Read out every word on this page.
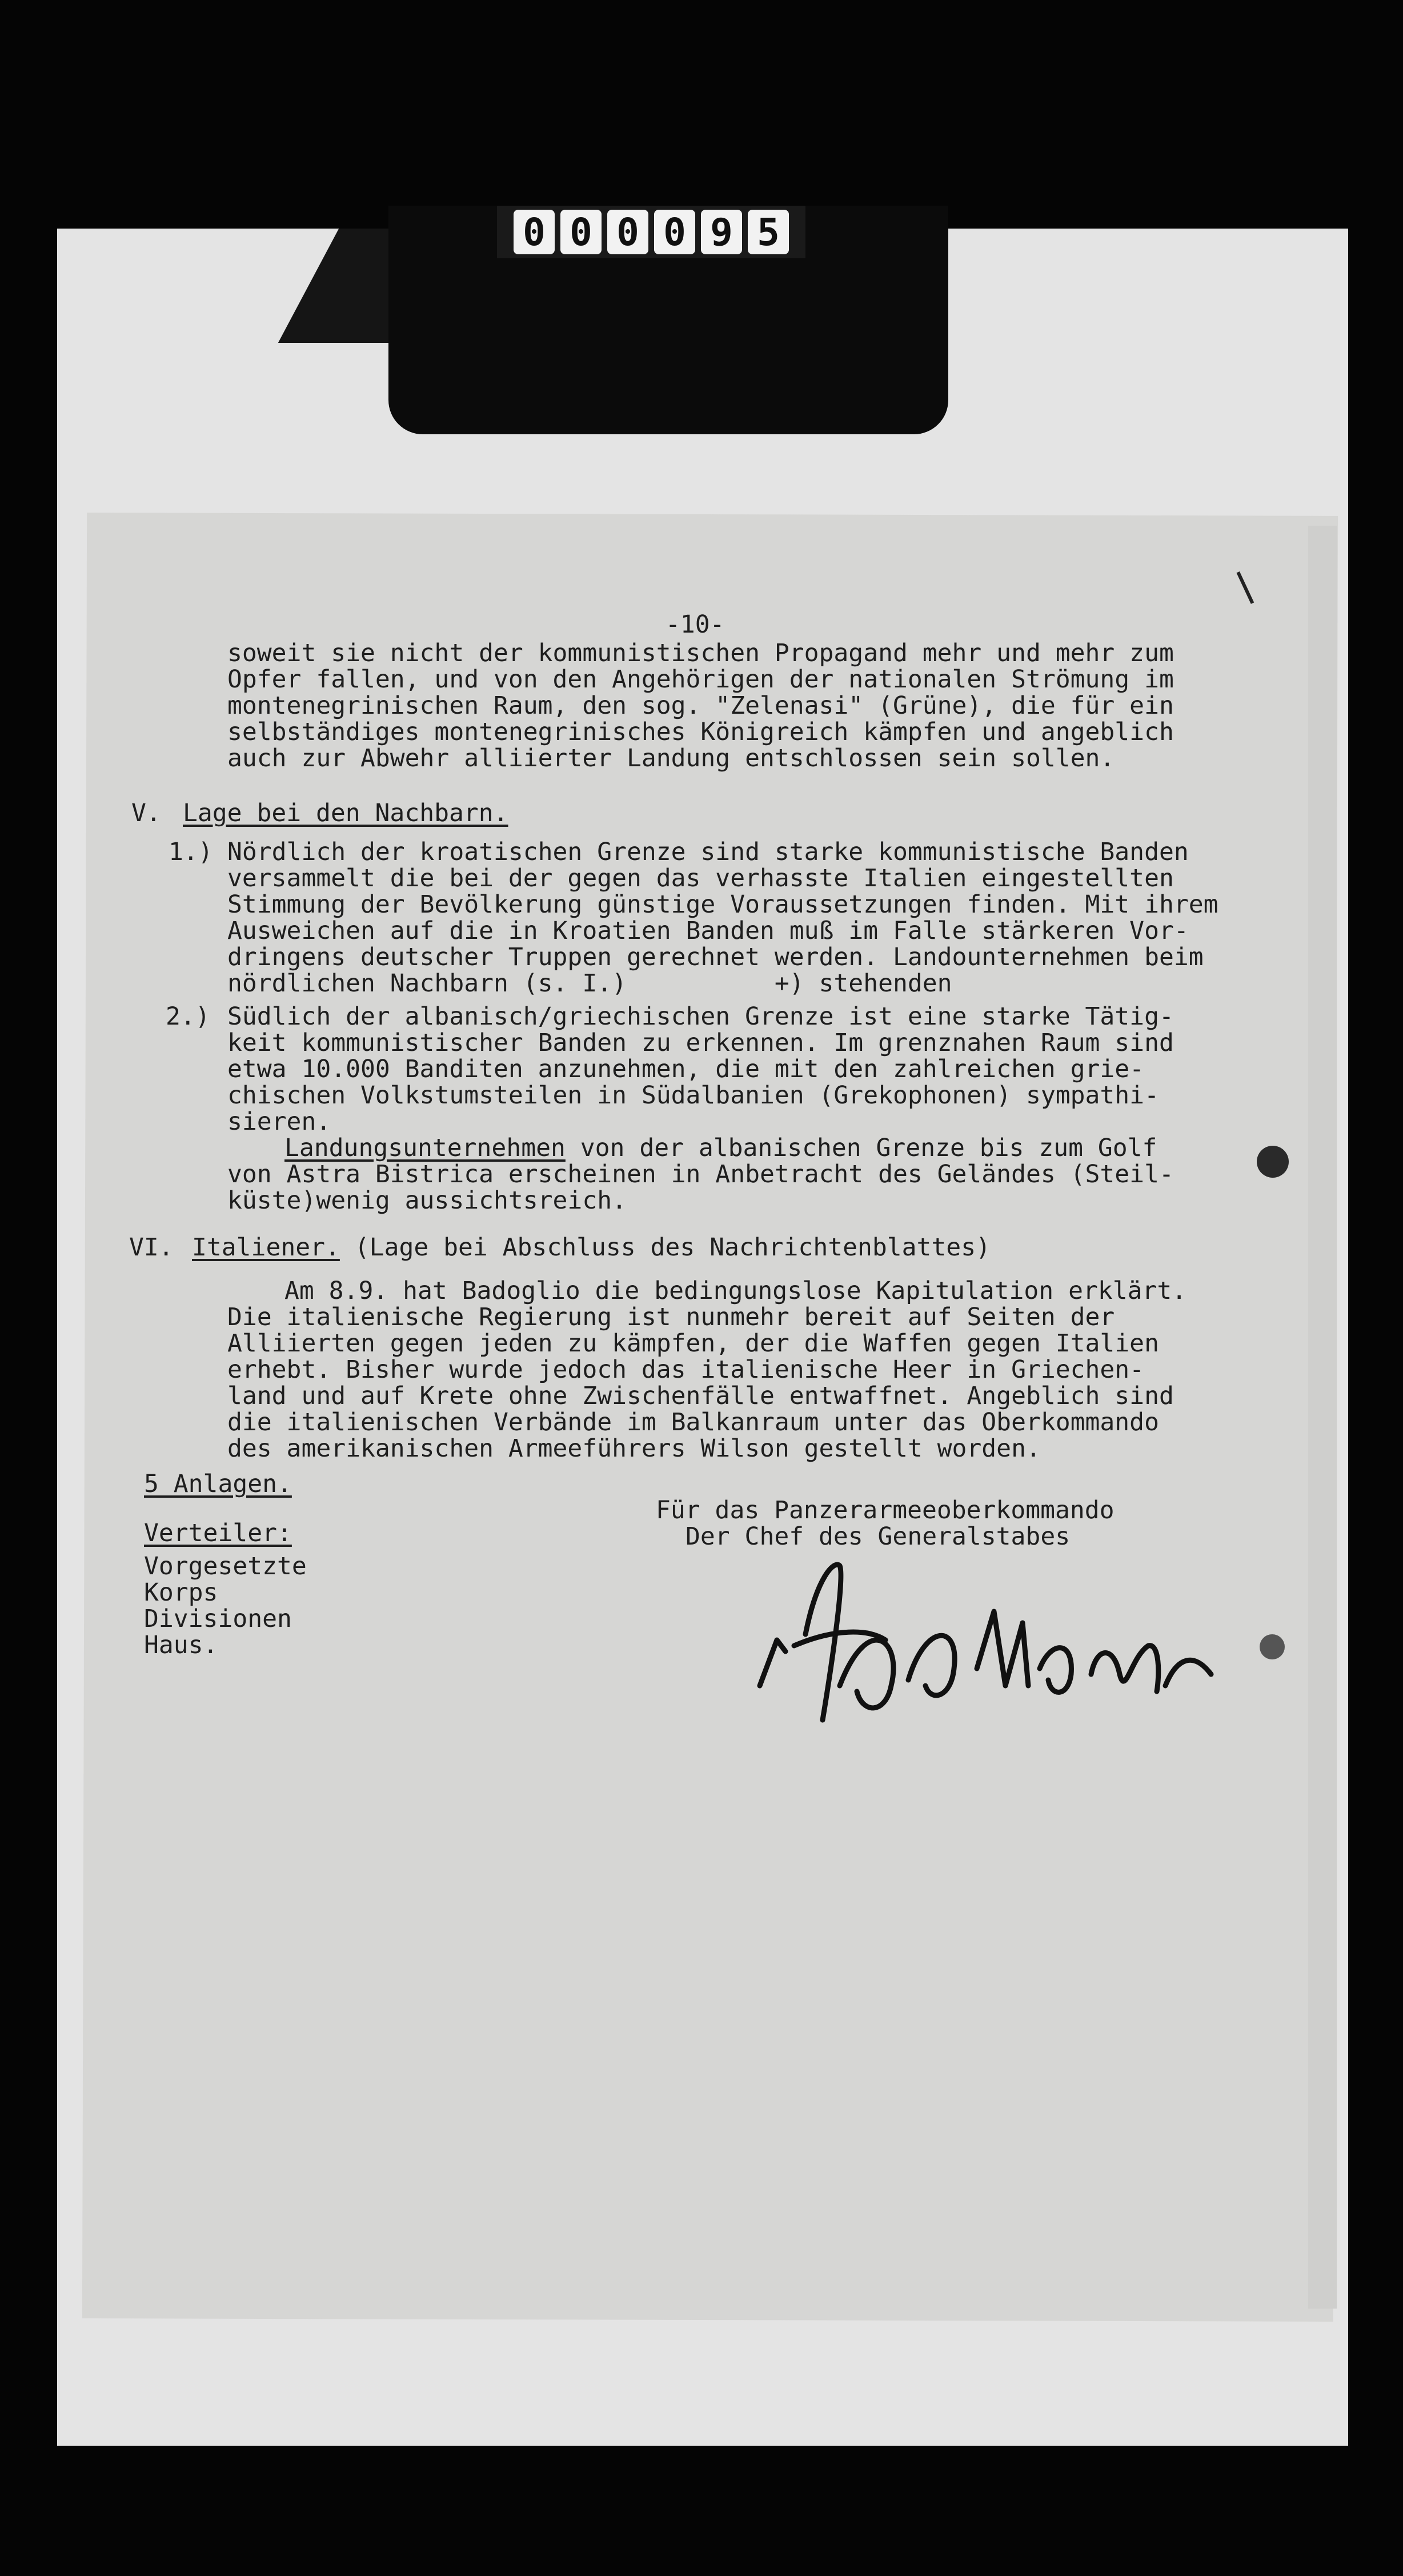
0 0 0 0 9 5
-10-
soweit sie nicht der kommunistischen Propagand mehr und mehr zum
Opfer fallen, und von den Angehörigen der nationalen Strömung im
montenegrinischen Raum, den sog. "Zelenasi" (Grüne), die für ein
selbständiges montenegrinisches Königreich kämpfen und angeblich
auch zur Abwehr alliierter Landung entschlossen sein sollen.
V. Lage bei den Nachbarn.
1.) Nördlich der kroatischen Grenze sind starke kommunistische Banden
versammelt die bei der gegen das verhasste Italien eingestellten
Stimmung der Bevölkerung günstige Voraussetzungen finden. Mit ihrem
Ausweichen auf die in Kroatien Banden muß im Falle stärkeren Vor-
dringens deutscher Truppen gerechnet werden. Landounternehmen beim
nördlichen Nachbarn (s. I.)          +) stehenden
2.) Südlich der albanisch/griechischen Grenze ist eine starke Tätig-
keit kommunistischer Banden zu erkennen. Im grenznahen Raum sind
etwa 10.000 Banditen anzunehmen, die mit den zahlreichen grie-
chischen Volkstumsteilen in Südalbanien (Grekophonen) sympathi-
sieren.
Landungsunternehmen von der albanischen Grenze bis zum Golf
von Astra Bistrica erscheinen in Anbetracht des Geländes (Steil-
küste)wenig aussichtsreich.
VI. Italiener. (Lage bei Abschluss des Nachrichtenblattes)
Am 8.9. hat Badoglio die bedingungslose Kapitulation erklärt.
Die italienische Regierung ist nunmehr bereit auf Seiten der
Alliierten gegen jeden zu kämpfen, der die Waffen gegen Italien
erhebt. Bisher wurde jedoch das italienische Heer in Griechen-
land und auf Krete ohne Zwischenfälle entwaffnet. Angeblich sind
die italienischen Verbände im Balkanraum unter das Oberkommando
des amerikanischen Armeeführers Wilson gestellt worden.
5 Anlagen.
Verteiler:
Vorgesetzte
Korps
Divisionen
Haus.
Für das Panzerarmeeoberkommando
Der Chef des Generalstabes
